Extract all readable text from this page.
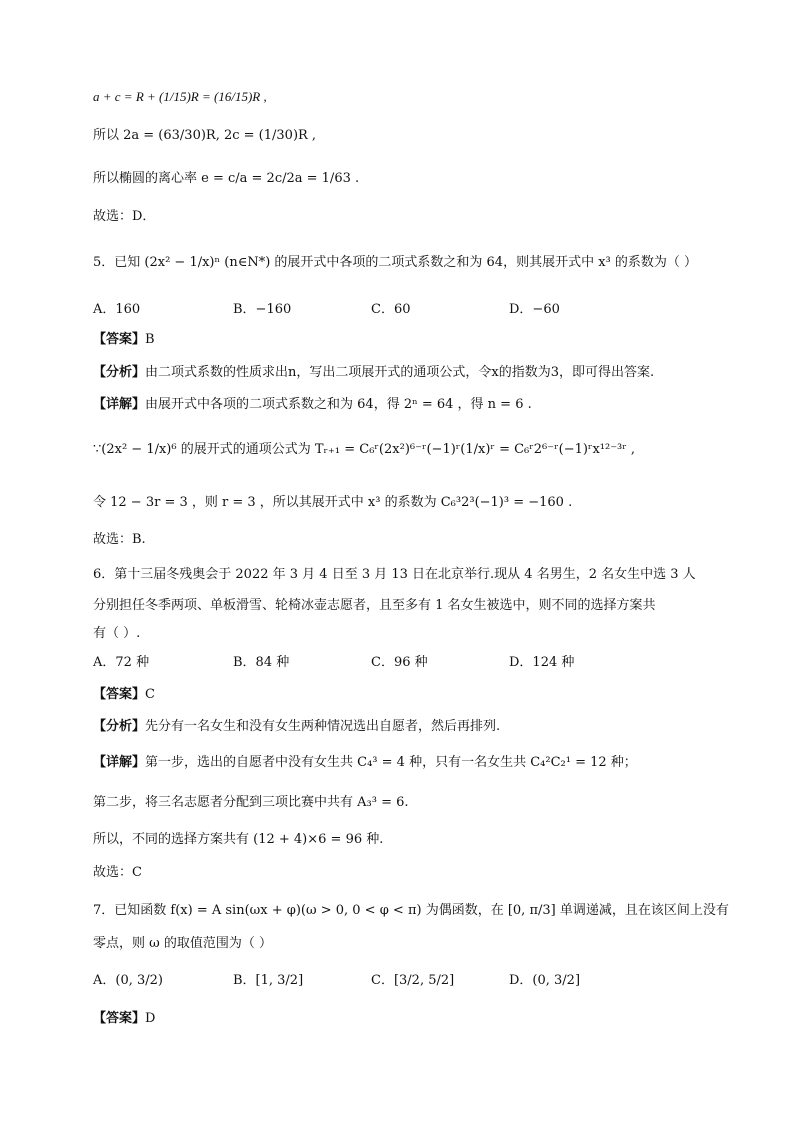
a + c = R + (1/15)R = (16/15)R ,
所以 2a = (63/30)R, 2c = (1/30)R ,
所以椭圆的离心率 e = c/a = 2c/2a = 1/63 .
故选：D．
5．已知 (2x² − 1/x)ⁿ (n∈N*) 的展开式中各项的二项式系数之和为 64，则其展开式中 x³ 的系数为（ ）
A．160	B．−160	C．60	D．−60
【答案】B
【分析】由二项式系数的性质求出n，写出二项展开式的通项公式，令x的指数为3，即可得出答案.
【详解】由展开式中各项的二项式系数之和为 64，得 2ⁿ = 64 ，得 n = 6 .
∵(2x² − 1/x)⁶ 的展开式的通项公式为 Tᵣ₊₁ = C₆ʳ(2x²)⁶⁻ʳ(−1)ʳ(1/x)ʳ = C₆ʳ2⁶⁻ʳ(−1)ʳx¹²⁻³ʳ ,
令 12 − 3r = 3 ，则 r = 3 ，所以其展开式中 x³ 的系数为 C₆³2³(−1)³ = −160 .
故选：B.
6．第十三届冬残奥会于 2022 年 3 月 4 日至 3 月 13 日在北京举行.现从 4 名男生，2 名女生中选 3 人
分别担任冬季两项、单板滑雪、轮椅冰壶志愿者，且至多有 1 名女生被选中，则不同的选择方案共
有（ ）.
A．72 种	B．84 种	C．96 种	D．124 种
【答案】C
【分析】先分有一名女生和没有女生两种情况选出自愿者，然后再排列.
【详解】第一步，选出的自愿者中没有女生共 C₄³ = 4 种，只有一名女生共 C₄²C₂¹ = 12 种；
第二步，将三名志愿者分配到三项比赛中共有 A₃³ = 6.
所以，不同的选择方案共有 (12 + 4)×6 = 96 种.
故选：C
7．已知函数 f(x) = A sin(ωx + φ)(ω > 0, 0 < φ < π) 为偶函数，在 [0, π/3] 单调递减，且在该区间上没有
零点，则 ω 的取值范围为（ ）
A．(0, 3/2)	B．[1, 3/2]	C．[3/2, 5/2]	D．(0, 3/2]
【答案】D
